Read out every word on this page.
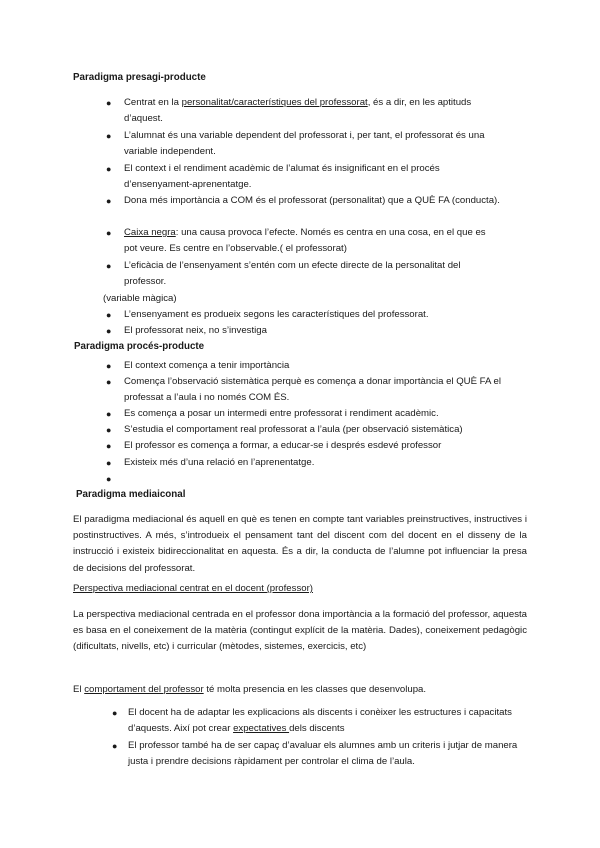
Paradigma presagi-producte
●	Centrat en la personalitat/característiques del professorat, és a dir, en les aptituds d’aquest.
●	L’alumnat és una variable dependent del professorat i, per tant, el professorat és una variable independent.
●	El context i el rendiment acadèmic de l’alumat és insignificant en el procés d’ensenyament-aprenentatge.
●	Dona més importància a COM és el professorat (personalitat) que a QUÈ FA (conducta).
●	Caixa negra: una causa provoca l’efecte. Només es centra en una cosa, en el que es pot veure. Es centre en l’observable.( el professorat)
●	L’eficàcia de l’ensenyament s’entén com un efecte directe de la personalitat del professor.
(variable màgica)
●	L’ensenyament es produeix segons les característiques del professorat.
●	El professorat neix, no s’investiga
Paradigma procés-producte
●	El context comença a tenir importància
●	Comença l’observació sistemàtica perquè es comença a donar importància el QUÈ FA el professat a l’aula i no només COM ÉS.
●	Es comença a posar un intermedi entre professorat i rendiment acadèmic.
●	S’estudia el comportament real professorat a l’aula (per observació sistemàtica)
●	El professor es comença a formar, a educar-se i després esdevé professor
●	Existeix més d’una relació en l’aprenentatge.
●
Paradigma mediaiconal
El paradigma mediacional és aquell en què es tenen en compte tant variables preinstructives, instructives i postinstructives. A més, s’introdueix el pensament tant del discent com del docent en el disseny de la instrucció i existeix bidireccionalitat en aquesta. És a dir, la conducta de l’alumne pot influenciar la presa de decisions del professorat.
Perspectiva mediacional centrat en el docent (professor)
La perspectiva mediacional centrada en el professor dona importància a la formació del professor, aquesta es basa en el coneixement de la matèria (contingut explícit de la matèria. Dades), coneixement pedagògic (dificultats, nivells, etc) i curricular (mètodes, sistemes, exercicis, etc)
El comportament del professor té molta presencia en les classes que desenvolupa.
●	El docent ha de adaptar les explicacions als discents i conèixer les estructures i capacitats d’aquests. Així pot crear expectatives dels discents
●	El professor també ha de ser capaç d’avaluar els alumnes amb un criteris i jutjar de manera justa i prendre decisions ràpidament per controlar el clima de l’aula.
